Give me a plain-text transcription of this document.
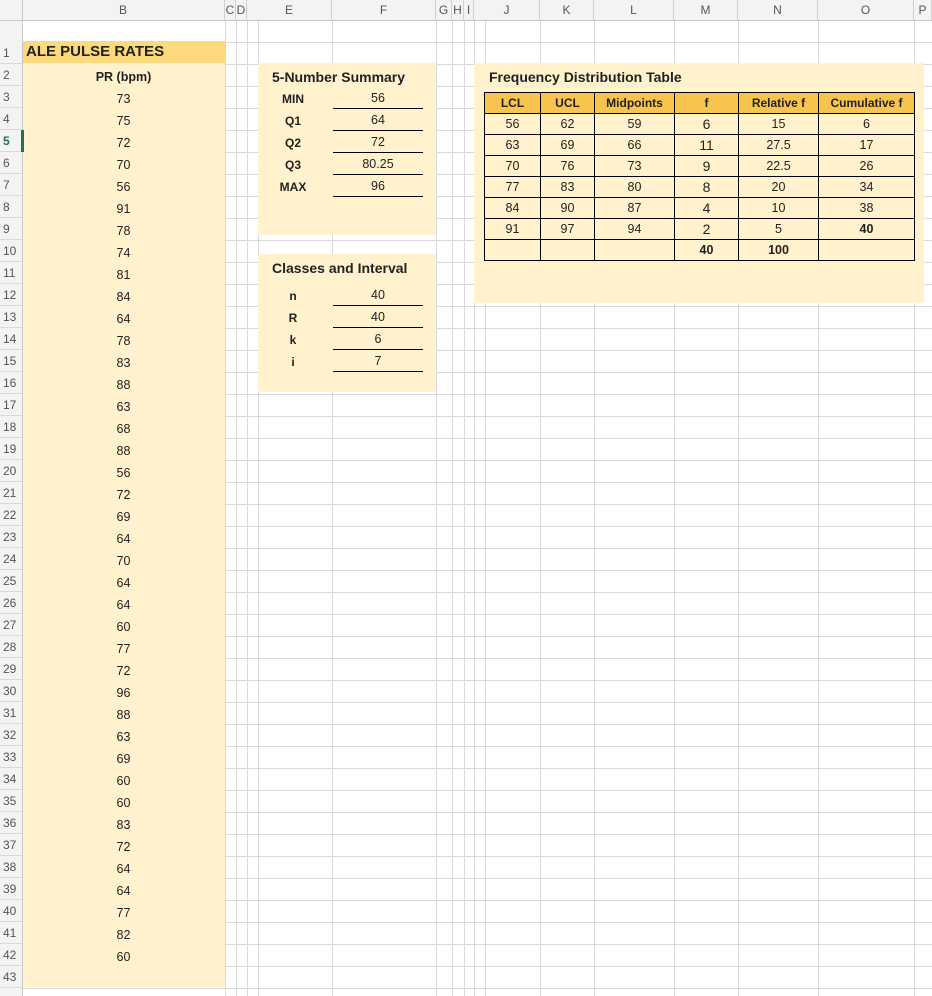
ALE PULSE RATES
PR (bpm)
73
75
72
70
56
91
78
74
81
84
64
78
83
88
63
68
88
56
72
69
64
70
64
64
60
77
72
96
88
63
69
60
60
83
72
64
64
77
82
60
5-Number Summary
MIN	56
Q1	64
Q2	72
Q3	80.25
MAX	96
Classes and Interval
n	40
R	40
k	6
i	7
Frequency Distribution Table
LCL	UCL	Midpoints	f	Relative f	Cumulative f
56	62	59	6	15	6
63	69	66	11	27.5	17
70	76	73	9	22.5	26
77	83	80	8	20	34
84	90	87	4	10	38
91	97	94	2	5	40
			40	100	
B	C D	E	F	G H I	J	K	L	M	N	O	P
1
2
3
4
5
6
7
8
9
10
11
12
13
14
15
16
17
18
19
20
21
22
23
24
25
26
27
28
29
30
31
32
33
34
35
36
37
38
39
40
41
42
43
